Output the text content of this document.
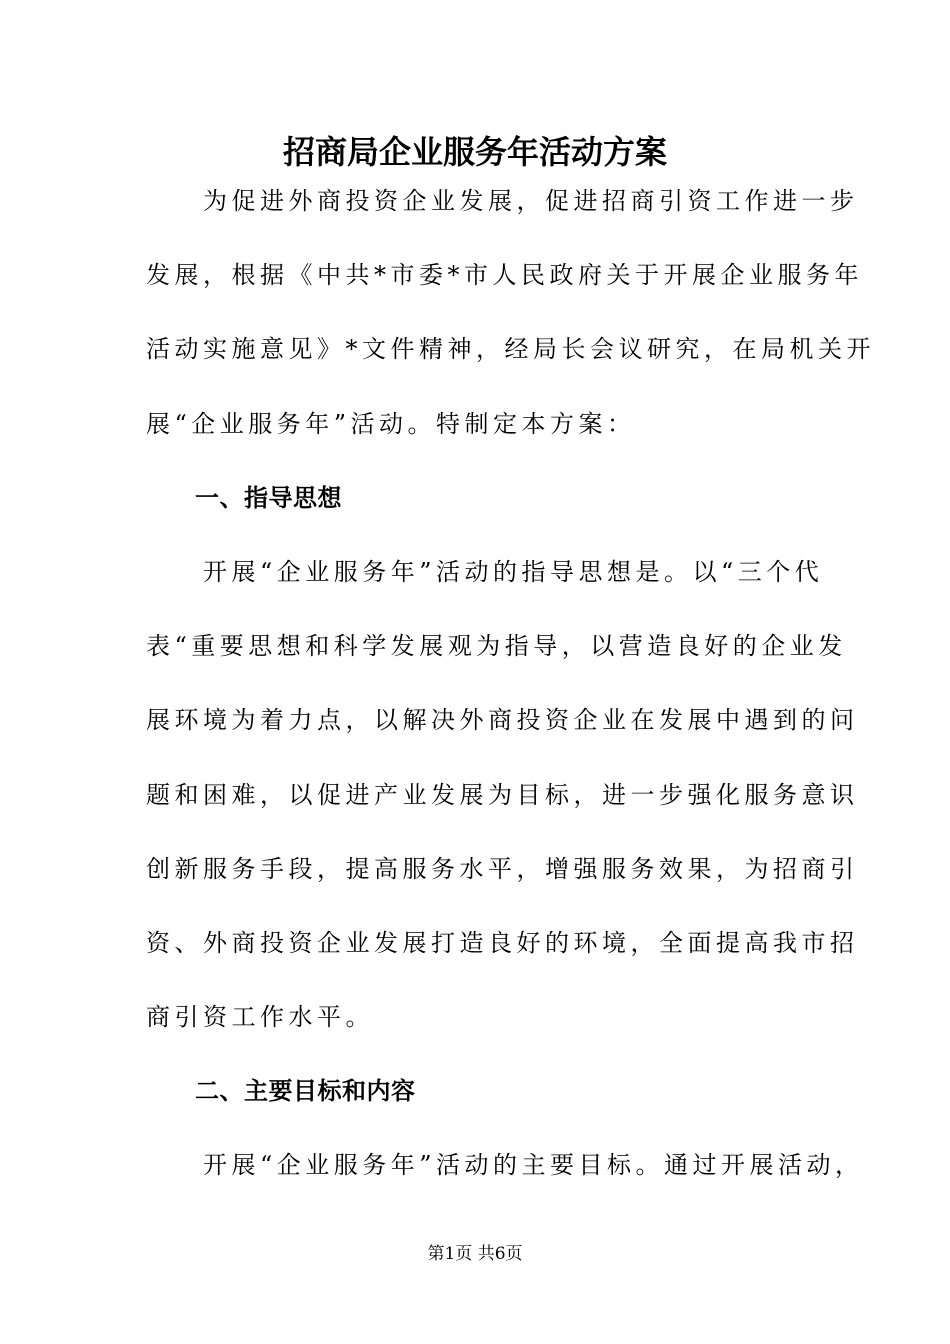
招商局企业服务年活动方案
　　为促进外商投资企业发展，促进招商引资工作进一步
发展，根据《中共*市委*市人民政府关于开展企业服务年
活动实施意见》*文件精神，经局长会议研究，在局机关开
展“企业服务年”活动。特制定本方案：
　　一、指导思想
　　开展“企业服务年”活动的指导思想是。以“三个代
表“重要思想和科学发展观为指导，以营造良好的企业发
展环境为着力点，以解决外商投资企业在发展中遇到的问
题和困难，以促进产业发展为目标，进一步强化服务意识
创新服务手段，提高服务水平，增强服务效果，为招商引
资、外商投资企业发展打造良好的环境，全面提高我市招
商引资工作水平。
　　二、主要目标和内容
　　开展“企业服务年”活动的主要目标。通过开展活动，
第1页 共6页
